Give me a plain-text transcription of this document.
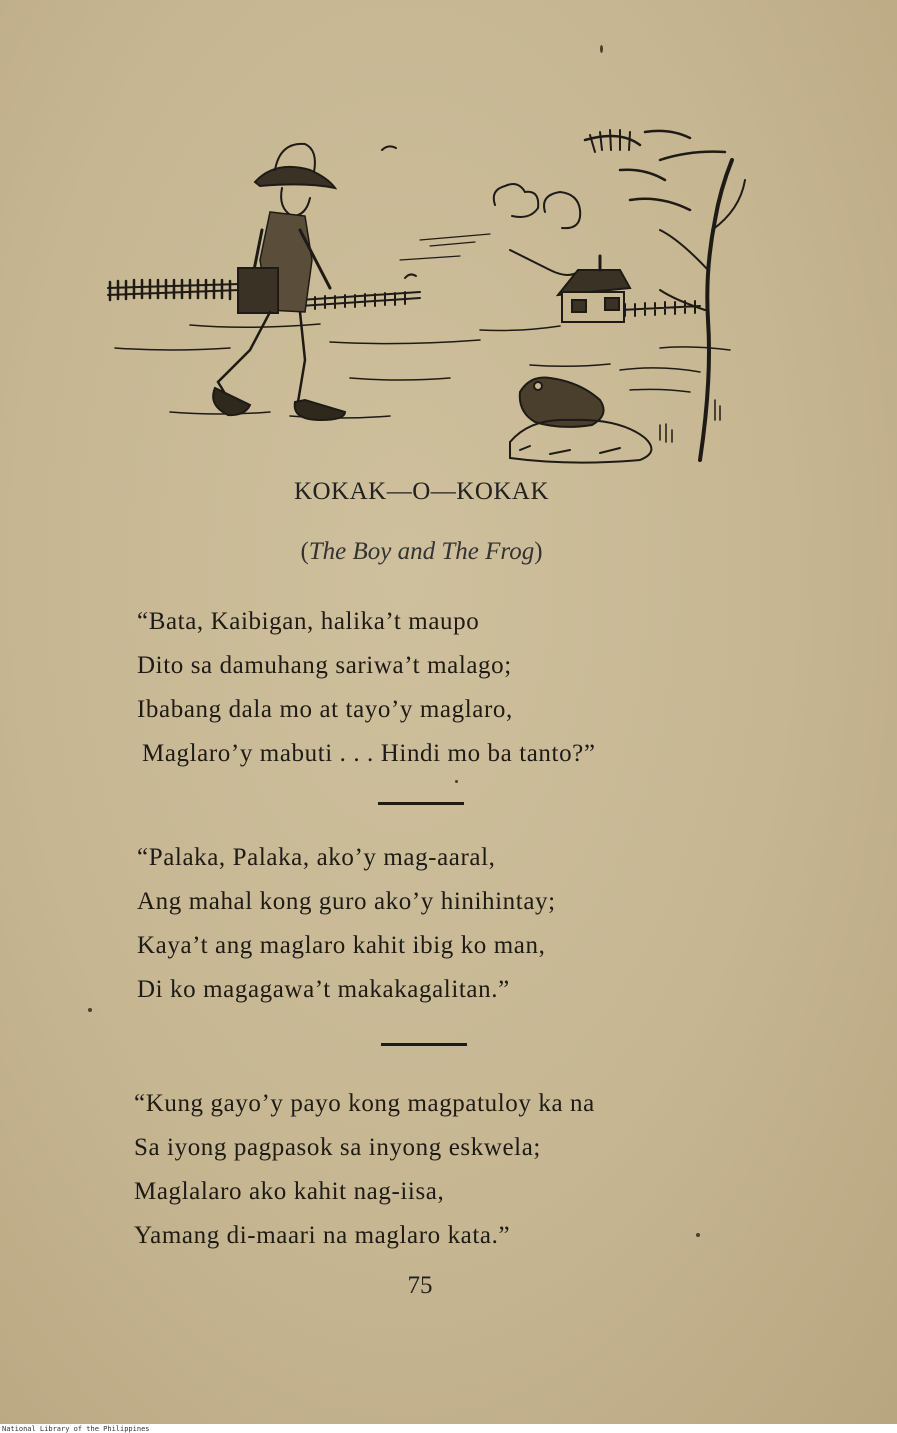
KOKAK—O—KOKAK
(The Boy and The Frog)
“Bata, Kaibigan, halika’t maupo
Dito sa damuhang sariwa’t malago;
Ibabang dala mo at tayo’y maglaro,
Maglaro’y mabuti . . . Hindi mo ba tanto?”
“Palaka, Palaka, ako’y mag-aaral,
Ang mahal kong guro ako’y hinihintay;
Kaya’t ang maglaro kahit ibig ko man,
Di ko magagawa’t makakagalitan.”
“Kung gayo’y payo kong magpatuloy ka na
Sa iyong pagpasok sa inyong eskwela;
Maglalaro ako kahit nag-iisa,
Yamang di-maari na maglaro kata.”
75
National Library of the Philippines
